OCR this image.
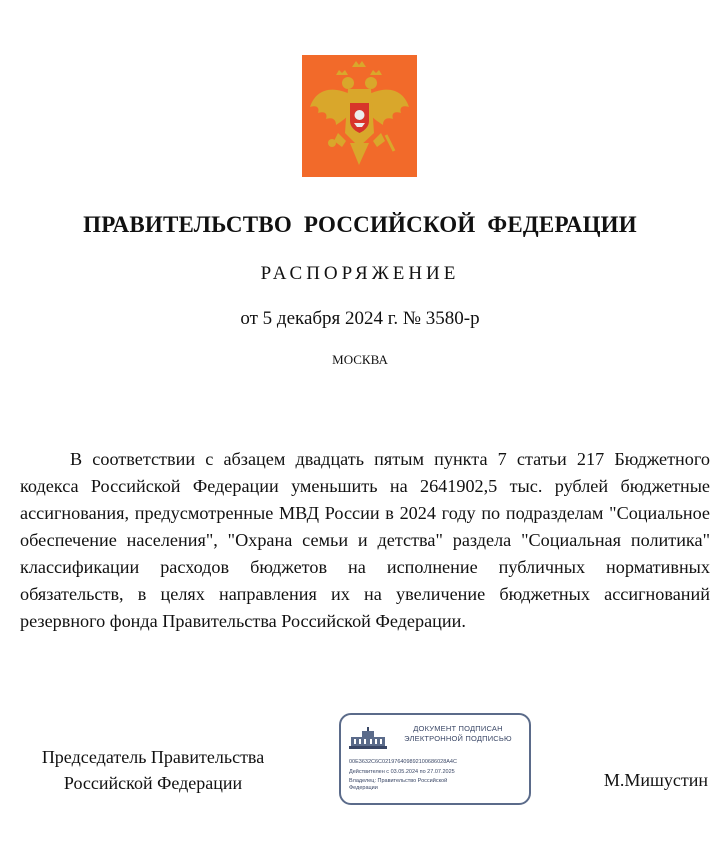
ПРАВИТЕЛЬСТВО РОССИЙСКОЙ ФЕДЕРАЦИИ
РАСПОРЯЖЕНИЕ
от 5 декабря 2024 г. № 3580-р
МОСКВА
В соответствии с абзацем двадцать пятым пункта 7 статьи 217 Бюджетного кодекса Российской Федерации уменьшить на 2641902,5 тыс. рублей бюджетные ассигнования, предусмотренные МВД России в 2024 году по подразделам "Социальное обеспечение населения", "Охрана семьи и детства" раздела "Социальная политика" классификации расходов бюджетов на исполнение публичных нормативных обязательств, в целях направления их на увеличение бюджетных ассигнований резервного фонда Правительства Российской Федерации.
Председатель Правительства
Российской Федерации
ДОКУМЕНТ ПОДПИСАН
ЭЛЕКТРОННОЙ ПОДПИСЬЮ
00E3632C6C021976409892100686028A4C
Действителен с 03.05.2024 по 27.07.2025
Владелец: Правительство Российской
Федерации	М.Мишустин
